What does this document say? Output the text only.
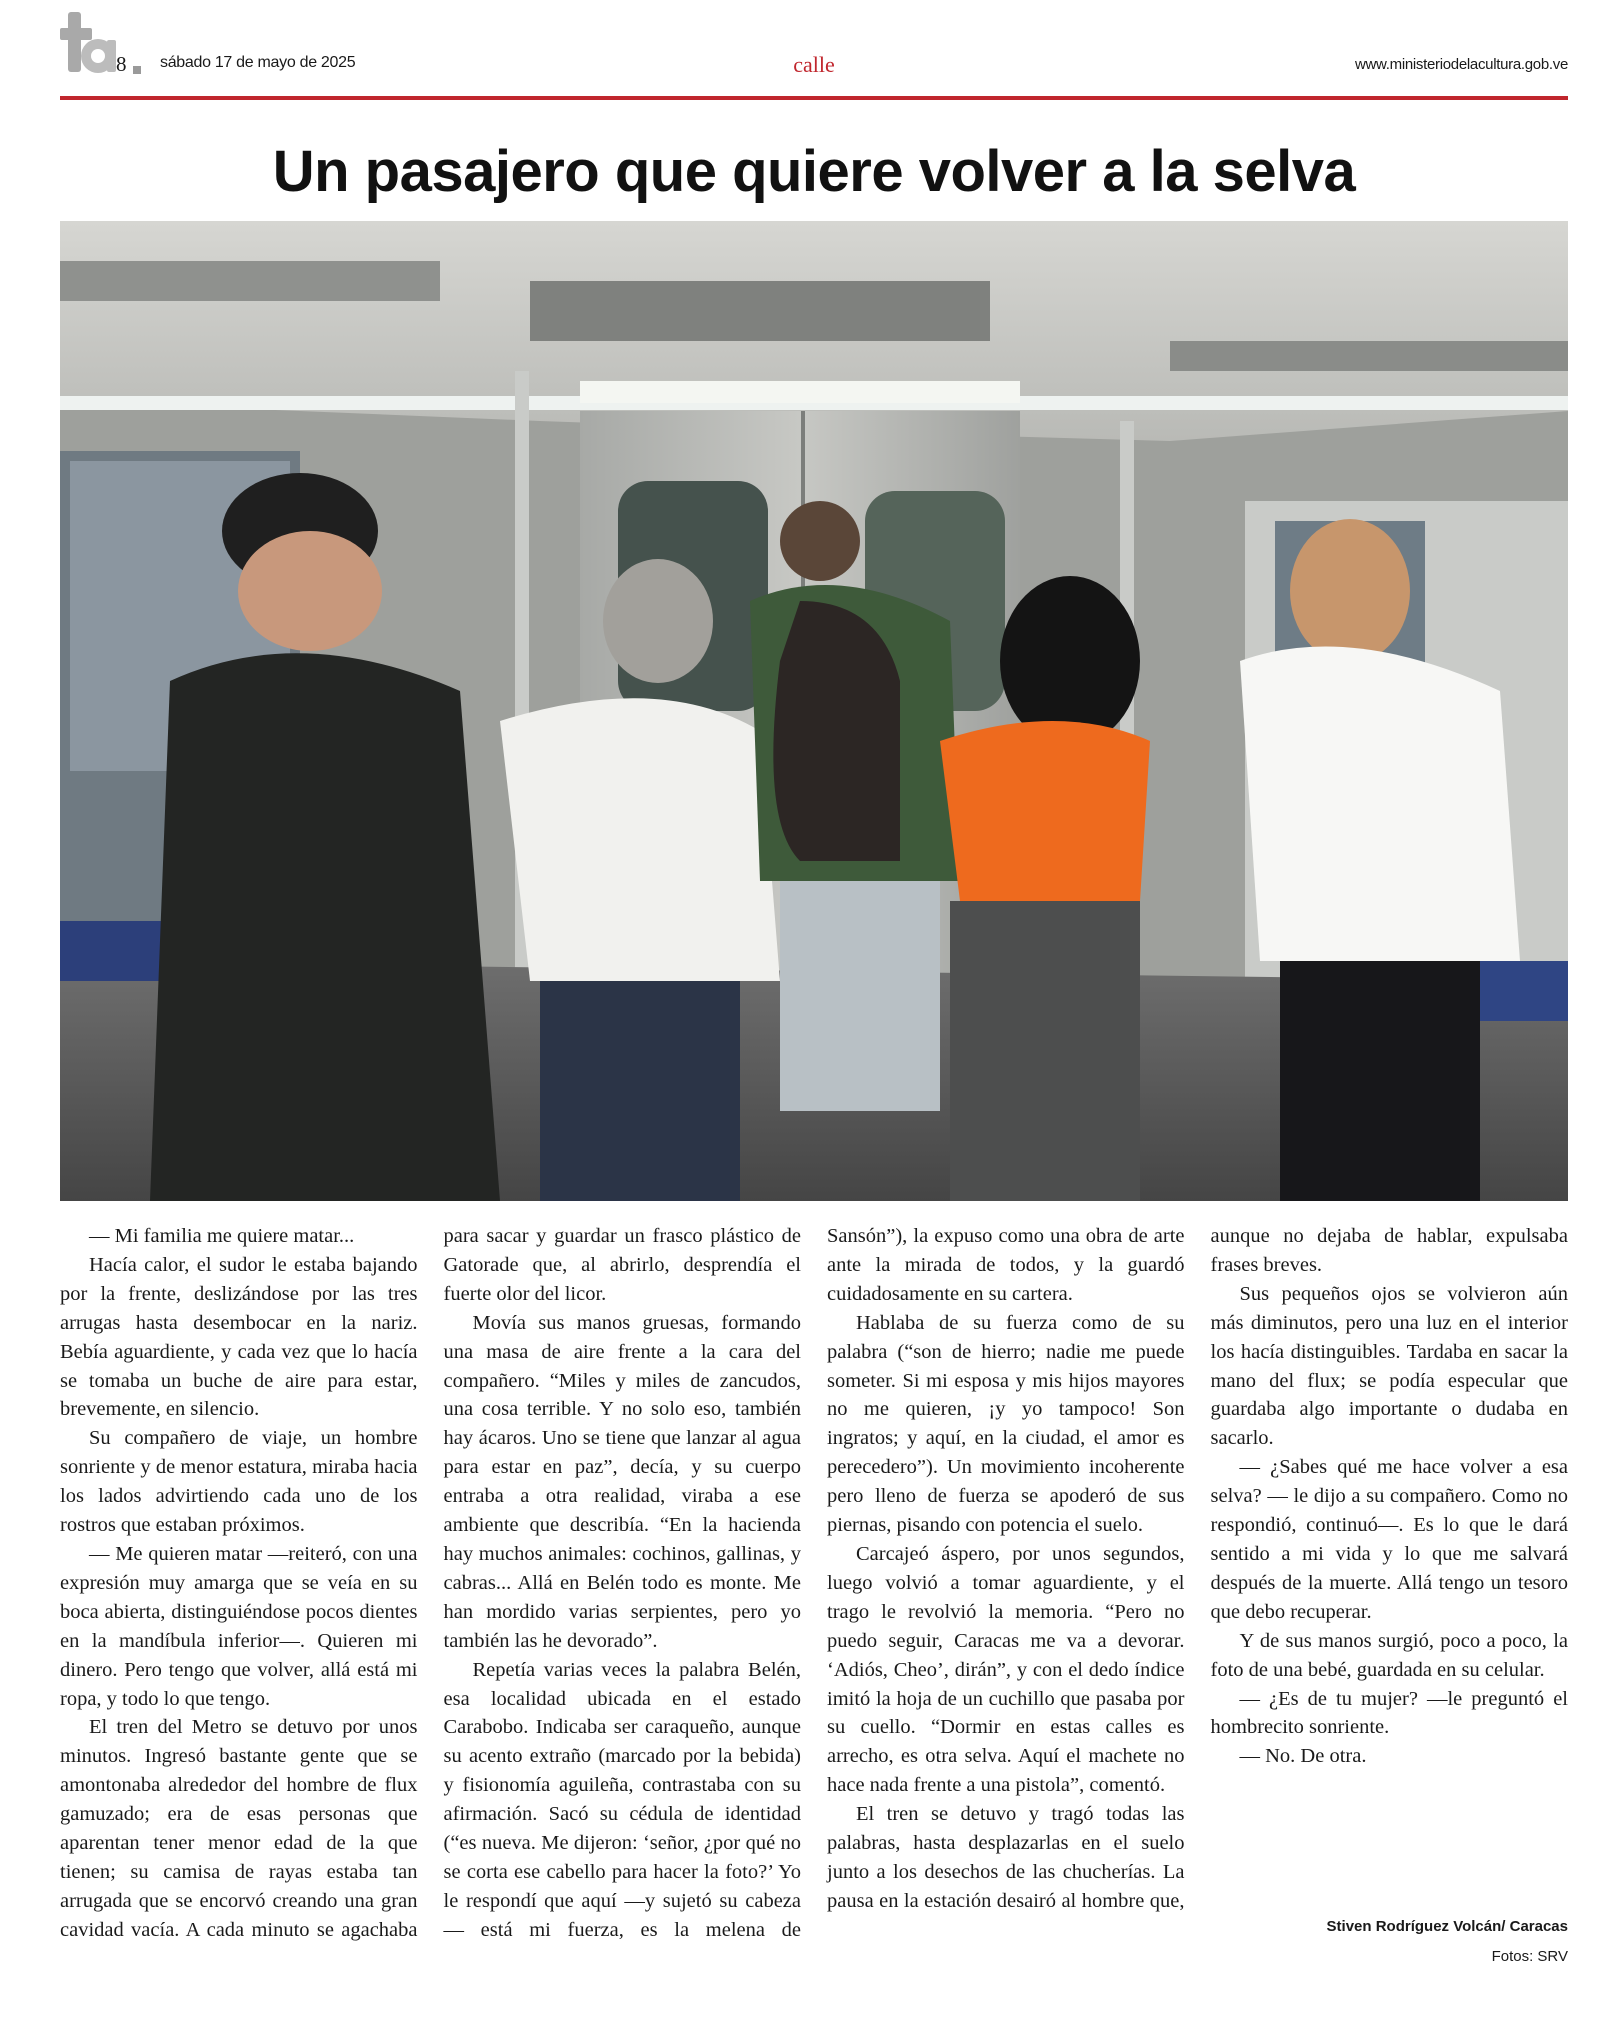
8 sábado 17 de mayo de 2025	calle	www.ministeriodelacultura.gob.ve
Un pasajero que quiere volver a la selva

— Mi familia me quiere matar...

Hacía calor, el sudor le estaba bajando por la frente, deslizándose por las tres arrugas hasta desembocar en la nariz. Bebía aguardiente, y cada vez que lo hacía se tomaba un buche de aire para estar, brevemente, en silencio.

Su compañero de viaje, un hombre sonriente y de menor estatura, miraba hacia los lados advirtiendo cada uno de los rostros que estaban próximos.

— Me quieren matar —reiteró, con una expresión muy amarga que se veía en su boca abierta, distinguiéndose pocos dientes en la mandíbula inferior—. Quieren mi dinero. Pero tengo que volver, allá está mi ropa, y todo lo que tengo.

El tren del Metro se detuvo por unos minutos. Ingresó bastante gente que se amontonaba alrededor del hombre de flux gamuzado; era de esas personas que aparentan tener menor edad de la que tienen; su camisa de rayas estaba tan arrugada que se encorvó creando una gran cavidad vacía. A cada minuto se agachaba para sacar y guardar un frasco plástico de Gatorade que, al abrirlo, desprendía el fuerte olor del licor.

Movía sus manos gruesas, formando una masa de aire frente a la cara del compañero. “Miles y miles de zancudos, una cosa terrible. Y no solo eso, también hay ácaros. Uno se tiene que lanzar al agua para estar en paz”, decía, y su cuerpo entraba a otra realidad, viraba a ese ambiente que describía. “En la hacienda hay muchos animales: cochinos, gallinas, y cabras... Allá en Belén todo es monte. Me han mordido varias serpientes, pero yo también las he devorado”.

Repetía varias veces la palabra Belén, esa localidad ubicada en el estado Carabobo. Indicaba ser caraqueño, aunque su acento extraño (marcado por la bebida) y fisionomía aguileña, contrastaba con su afirmación. Sacó su cédula de identidad (“es nueva. Me dijeron: ‘señor, ¿por qué no se corta ese cabello para hacer la foto?’ Yo le respondí que aquí —y sujetó su cabeza— está mi fuerza, es la melena de Sansón”), la expuso como una obra de arte ante la mirada de todos, y la guardó cuidadosamente en su cartera.

Hablaba de su fuerza como de su palabra (“son de hierro; nadie me puede someter. Si mi esposa y mis hijos mayores no me quieren, ¡y yo tampoco! Son ingratos; y aquí, en la ciudad, el amor es perecedero”). Un movimiento incoherente pero lleno de fuerza se apoderó de sus piernas, pisando con potencia el suelo.

Carcajeó áspero, por unos segundos, luego volvió a tomar aguardiente, y el trago le revolvió la memoria. “Pero no puedo seguir, Caracas me va a devorar. ‘Adiós, Cheo’, dirán”, y con el dedo índice imitó la hoja de un cuchillo que pasaba por su cuello. “Dormir en estas calles es arrecho, es otra selva. Aquí el machete no hace nada frente a una pistola”, comentó.

El tren se detuvo y tragó todas las palabras, hasta desplazarlas en el suelo junto a los desechos de las chucherías. La pausa en la estación desairó al hombre que, aunque no dejaba de hablar, expulsaba frases breves.

Sus pequeños ojos se volvieron aún más diminutos, pero una luz en el interior los hacía distinguibles. Tardaba en sacar la mano del flux; se podía especular que guardaba algo importante o dudaba en sacarlo.

— ¿Sabes qué me hace volver a esa selva? — le dijo a su compañero. Como no respondió, continuó—. Es lo que le dará sentido a mi vida y lo que me salvará después de la muerte. Allá tengo un tesoro que debo recuperar.

Y de sus manos surgió, poco a poco, la foto de una bebé, guardada en su celular.

— ¿Es de tu mujer? —le preguntó el hombrecito sonriente.

— No. De otra.

Stiven Rodríguez Volcán/ Caracas
Fotos: SRV
